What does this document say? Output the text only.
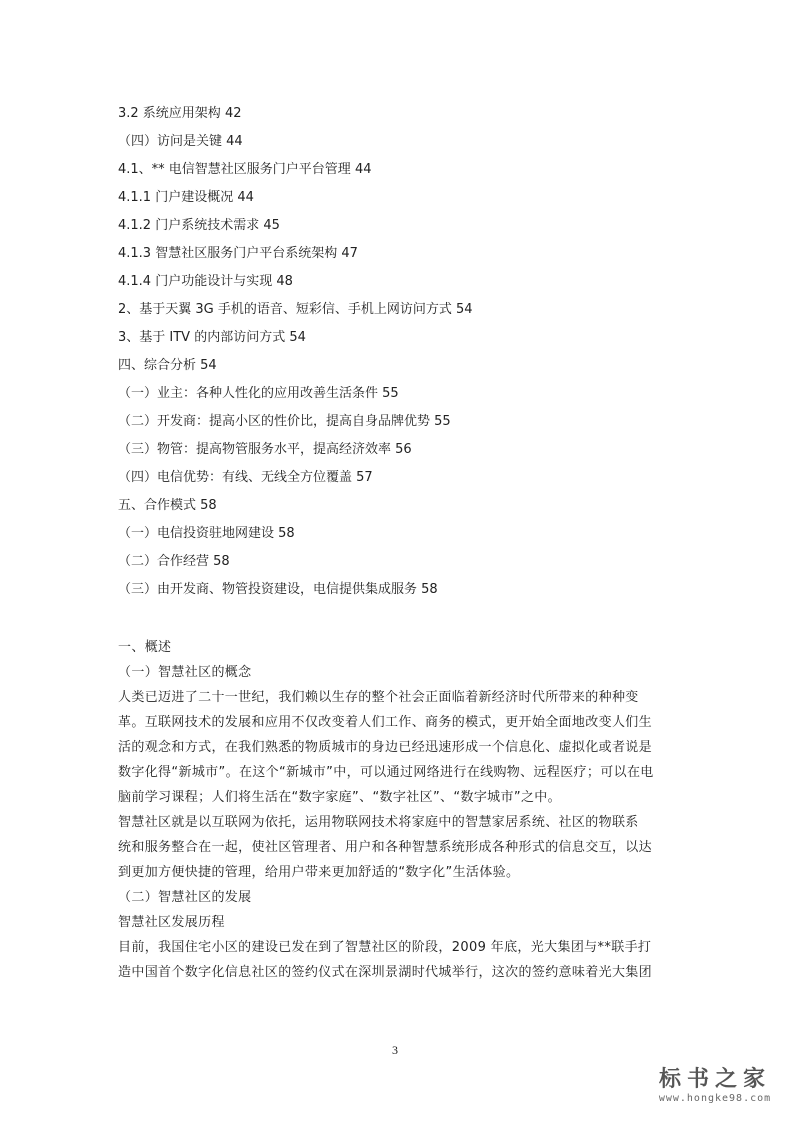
3.2 系统应用架构 42
（四）访问是关键 44
4.1、** 电信智慧社区服务门户平台管理 44
4.1.1 门户建设概况 44
4.1.2 门户系统技术需求 45
4.1.3 智慧社区服务门户平台系统架构 47
4.1.4 门户功能设计与实现 48
2、基于天翼 3G 手机的语音、短彩信、手机上网访问方式 54
3、基于 ITV 的内部访问方式 54
四、综合分析 54
（一）业主：各种人性化的应用改善生活条件 55
（二）开发商：提高小区的性价比，提高自身品牌优势 55
（三）物管：提高物管服务水平，提高经济效率 56
（四）电信优势：有线、无线全方位覆盖 57
五、合作模式 58
（一）电信投资驻地网建设 58
（二）合作经营 58
（三）由开发商、物管投资建设，电信提供集成服务 58
一、概述
（一）智慧社区的概念
人类已迈进了二十一世纪，我们赖以生存的整个社会正面临着新经济时代所带来的种种变
革。互联网技术的发展和应用不仅改变着人们工作、商务的模式，更开始全面地改变人们生
活的观念和方式，在我们熟悉的物质城市的身边已经迅速形成一个信息化、虚拟化或者说是
数字化得“新城市”。在这个“新城市”中，可以通过网络进行在线购物、远程医疗；可以在电
脑前学习课程；人们将生活在“数字家庭”、“数字社区”、“数字城市”之中。
智慧社区就是以互联网为依托，运用物联网技术将家庭中的智慧家居系统、社区的物联系
统和服务整合在一起，使社区管理者、用户和各种智慧系统形成各种形式的信息交互，以达
到更加方便快捷的管理，给用户带来更加舒适的“数字化”生活体验。
（二）智慧社区的发展
智慧社区发展历程
目前，我国住宅小区的建设已发在到了智慧社区的阶段，2009 年底，光大集团与**联手打
造中国首个数字化信息社区的签约仪式在深圳景湖时代城举行，这次的签约意味着光大集团
3
标书之家
www.hongke98.com
